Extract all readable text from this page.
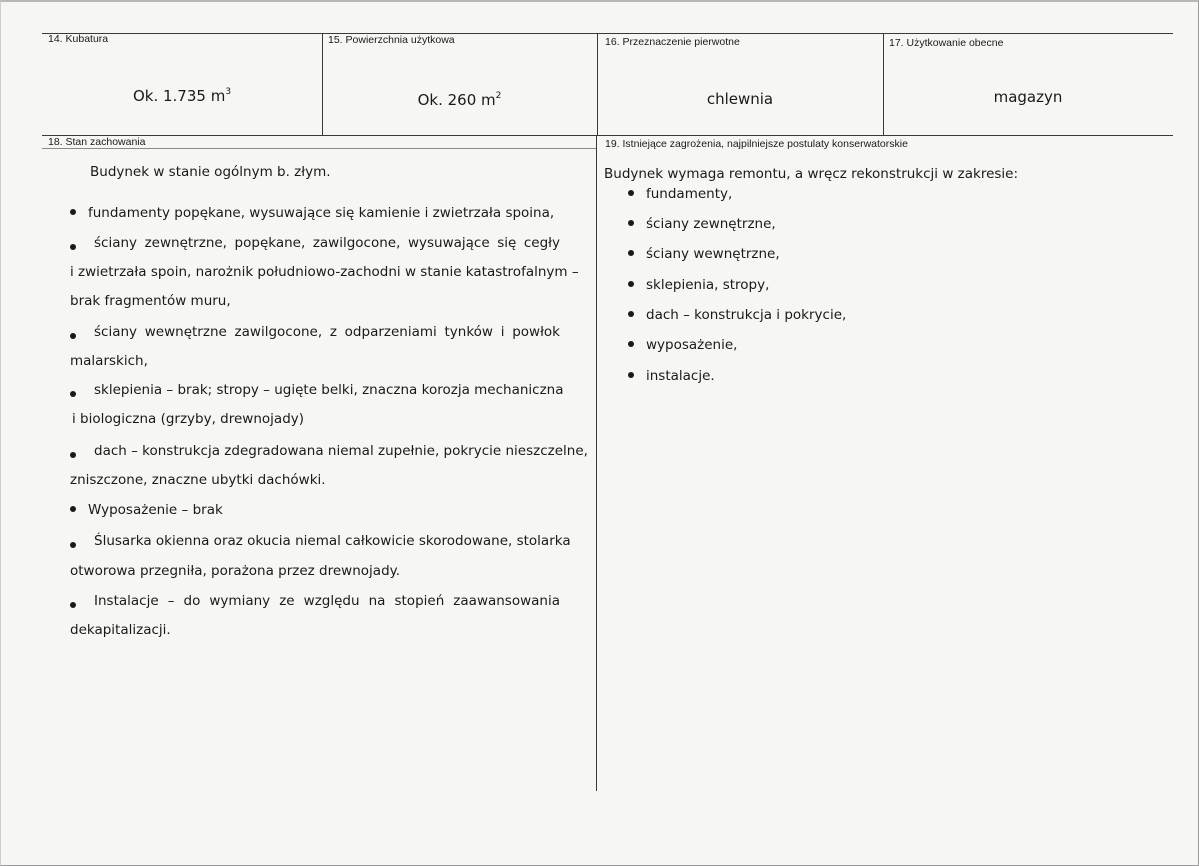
14. Kubatura	15. Powierzchnia użytkowa	16. Przeznaczenie pierwotne	17. Użytkowanie obecne
18. Stan zachowania	19. Istniejące zagrożenia, najpilniejsze postulaty konserwatorskie
Ok. 1.735 $m^3$	Ok. 260 $m^2$	chlewnia	magazyn
Budynek w stanie ogólnym b. złym.
fundamenty popękane, wysuwające się kamienie i zwietrzała spoina,
ściany zewnętrzne, popękane, zawilgocone, wysuwające się cegły
i zwietrzała spoin, narożnik południowo-zachodni w stanie katastrofalnym –
brak fragmentów muru,
ściany wewnętrzne zawilgocone, z odparzeniami tynków i powłok
malarskich,
sklepienia – brak; stropy – ugięte belki, znaczna korozja mechaniczna
i biologiczna (grzyby, drewnojady)
dach – konstrukcja zdegradowana niemal zupełnie, pokrycie nieszczelne,
zniszczone, znaczne ubytki dachówki.
Wyposażenie – brak
Ślusarka okienna oraz okucia niemal całkowicie skorodowane, stolarka
otworowa przegniła, porażona przez drewnojady.
Instalacje – do wymiany ze względu na stopień zaawansowania
dekapitalizacji.
Budynek wymaga remontu, a wręcz rekonstrukcji w zakresie:
fundamenty,
ściany zewnętrzne,
ściany wewnętrzne,
sklepienia, stropy,
dach – konstrukcja i pokrycie,
wyposażenie,
instalacje.
